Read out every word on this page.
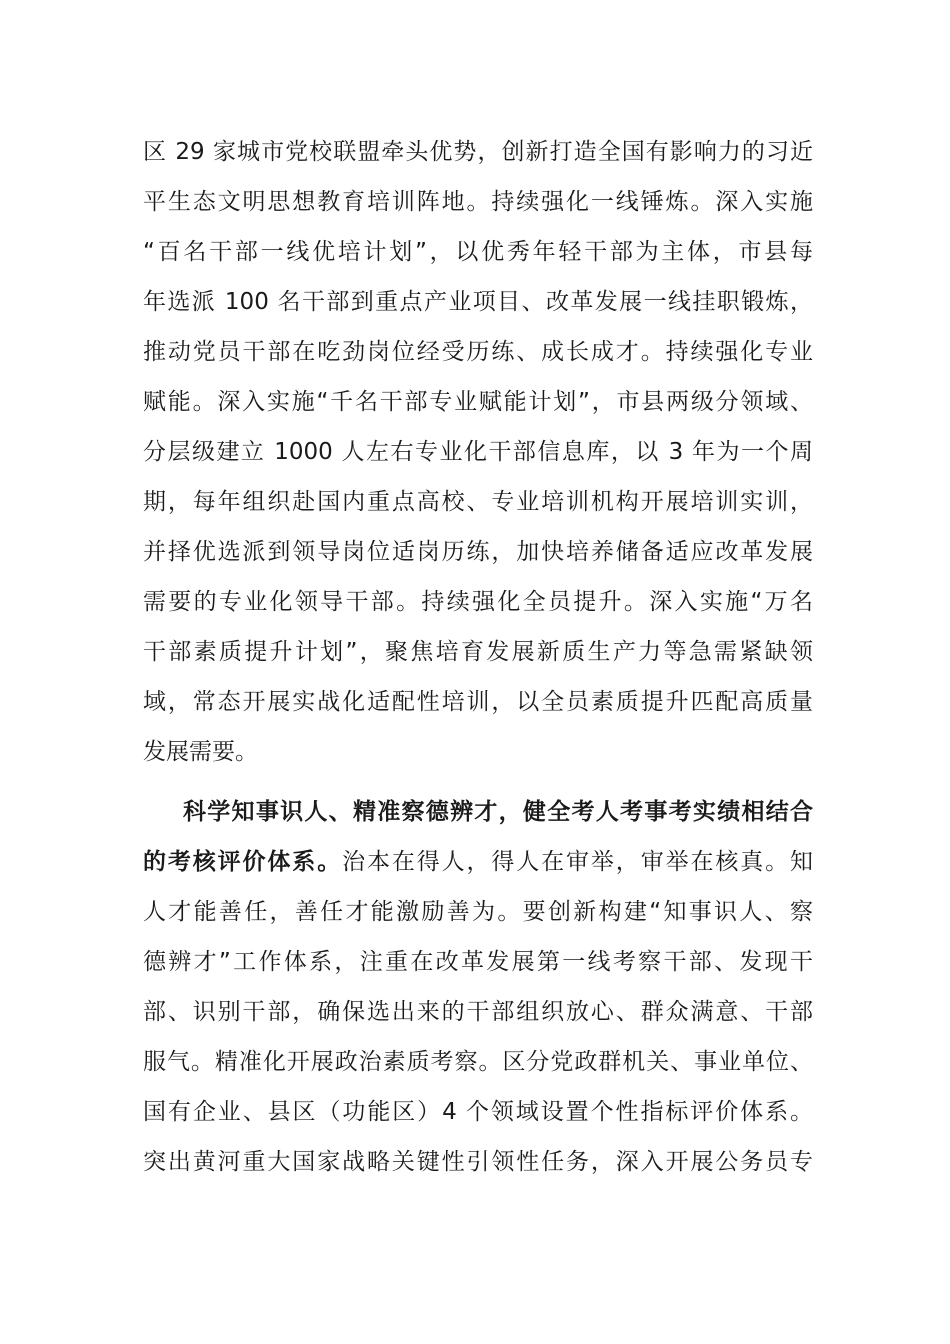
区 29 家城市党校联盟牵头优势，创新打造全国有影响力的习近
平生态文明思想教育培训阵地。持续强化一线锤炼。深入实施
“百名干部一线优培计划”，以优秀年轻干部为主体，市县每
年选派 100 名干部到重点产业项目、改革发展一线挂职锻炼，
推动党员干部在吃劲岗位经受历练、成长成才。持续强化专业
赋能。深入实施“千名干部专业赋能计划”，市县两级分领域、
分层级建立 1000 人左右专业化干部信息库，以 3 年为一个周
期，每年组织赴国内重点高校、专业培训机构开展培训实训，
并择优选派到领导岗位适岗历练，加快培养储备适应改革发展
需要的专业化领导干部。持续强化全员提升。深入实施“万名
干部素质提升计划”，聚焦培育发展新质生产力等急需紧缺领
域，常态开展实战化适配性培训，以全员素质提升匹配高质量
发展需要。
科学知事识人、精准察德辨才，健全考人考事考实绩相结合
的考核评价体系。治本在得人，得人在审举，审举在核真。知
人才能善任，善任才能激励善为。要创新构建“知事识人、察
德辨才”工作体系，注重在改革发展第一线考察干部、发现干
部、识别干部，确保选出来的干部组织放心、群众满意、干部
服气。精准化开展政治素质考察。区分党政群机关、事业单位、
国有企业、县区（功能区）4 个领域设置个性指标评价体系。
突出黄河重大国家战略关键性引领性任务，深入开展公务员专
